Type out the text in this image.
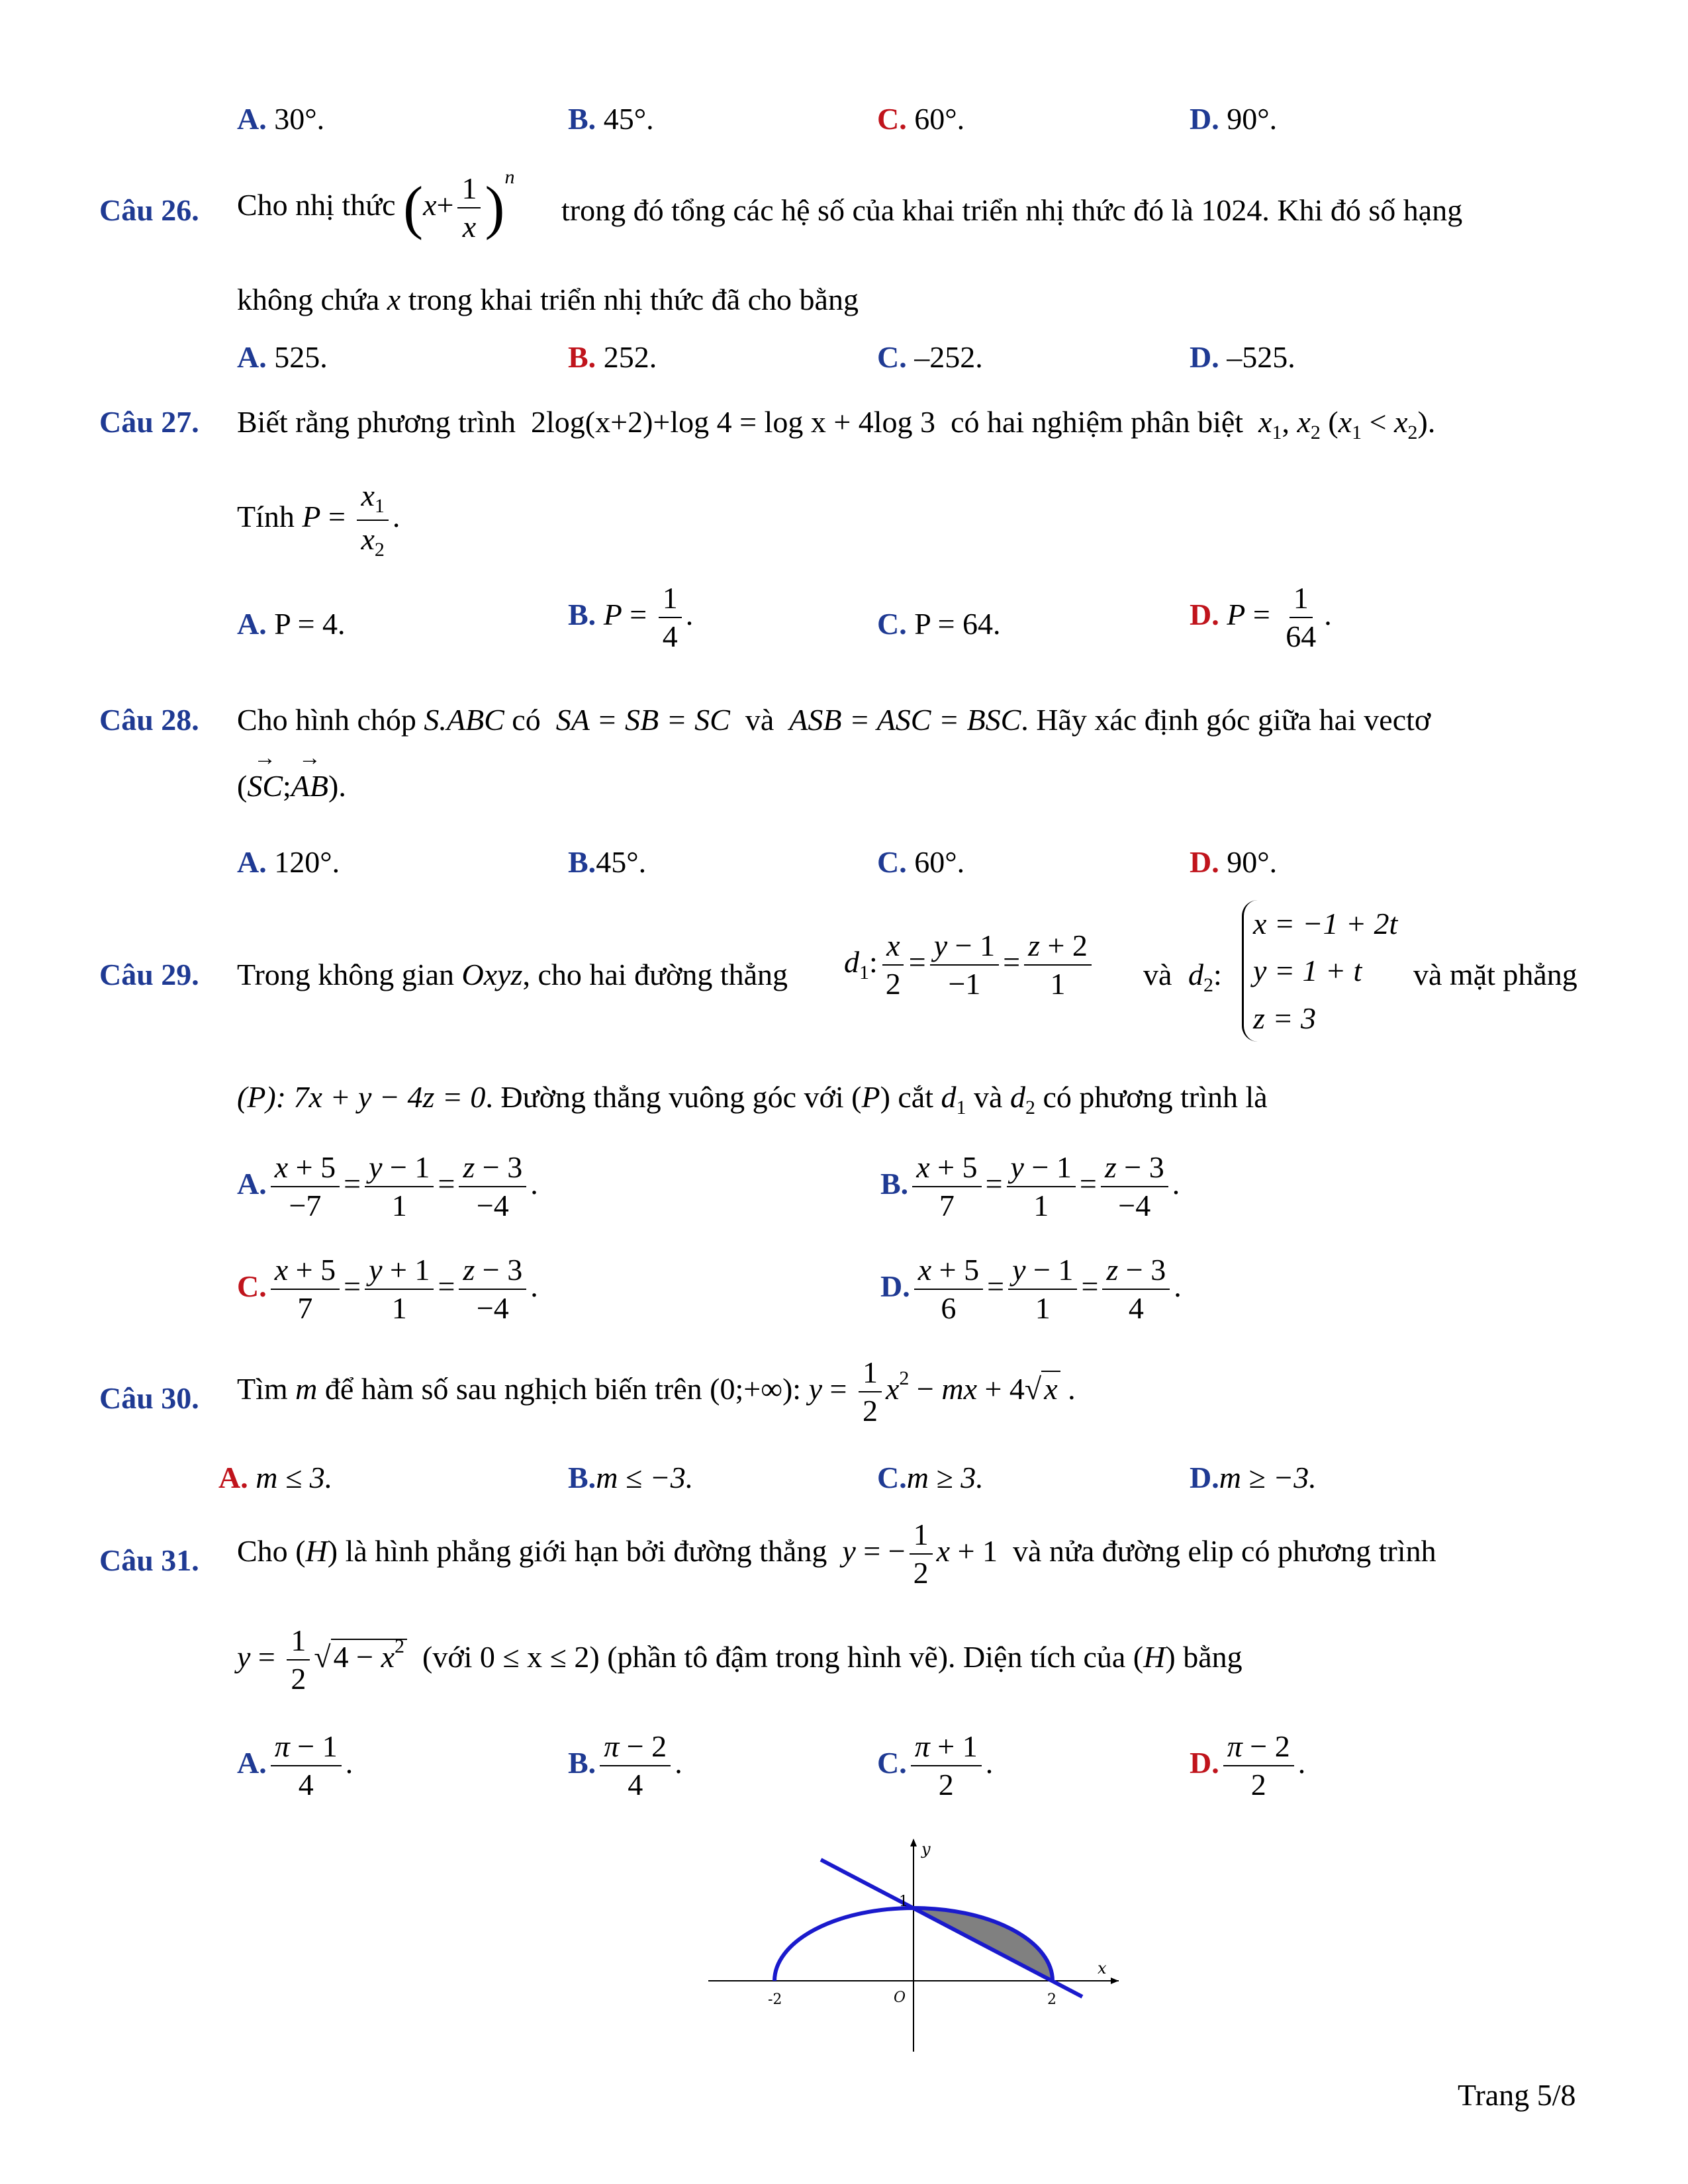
A. 30°.	B. 45°.	C. 60°.	D. 90°.
Câu 26. Cho nhị thức $(x+ \frac{1}{x} )^n$
trong đó tổng các hệ số của khai triển nhị thức đó là 1024. Khi đó số hạng
không chứa x trong khai triển nhị thức đã cho bằng
A. 525.	B. 252.	C. –252.	D. –525.
Câu 27. Biết rằng phương trình 2log(x+2)+log 4 = log x + 4log 3 có hai nghiệm phân biệt $x_1$, $x_2$ $(x_1 < x_2)$.
Tính $P = \frac{x_1}{x_2}$ .
A. P = 4.	B. $P = \frac{1}{4}$ .	C. P = 64.	D. $P = \frac{1}{64}$ .
Câu 28. Cho hình chóp S.ABC có SA = SB = SC và ASB = ASC = BSC. Hãy xác định góc giữa hai vectơ
(→ SC;→ AB).
A. 120°.	B.45°.	C. 60°.	D. 90°.
Câu 29. Trong không gian Oxyz, cho hai đường thẳng $d_1$: $\frac{x}{2} = \frac{y - 1}{-1} = \frac{z + 2}{1}$ và $d_2$:
x = −1 + 2t
y = 1 + t
z = 3
và mặt phẳng
(P): 7x + y − 4z = 0. Đường thẳng vuông góc với (P) cắt $d_1$ và $d_2$ có phương trình là
A. $\frac{x + 5}{-7} = \frac{y - 1}{1} = \frac{z - 3}{-4}$ .	B. $\frac{x + 5}{7} = \frac{y - 1}{1} = \frac{z - 3}{-4}$ .
C. $\frac{x + 5}{7} = \frac{y + 1}{1} = \frac{z - 3}{-4}$ .	D. $\frac{x + 5}{6} = \frac{y - 1}{1} = \frac{z - 3}{4}$ .
Câu 30. Tìm m để hàm số sau nghịch biến trên (0;+∞): $y = \frac{1}{2} x^2$ − mx + 4√x .
A. m ≤ 3.	B.m ≤ −3.	C.m ≥ 3.	D.m ≥ −3.
Câu 31. Cho (H) là hình phẳng giới hạn bởi đường thẳng y = − $\frac{1}{2}$ x + 1  và nửa đường elip có phương trình
$y = \frac{1}{2} √4 - x^2$ (với 0 ≤ x ≤ 2) (phần tô đậm trong hình vẽ). Diện tích của (H) bằng
A. $\frac{\pi - 1}{4}$ .	B. $\frac{\pi - 2}{4}$ .	C. $\frac{\pi + 1}{2}$ .	D. $\frac{\pi - 2}{2}$ .
1
y
x
O
-2	2
Trang 5/8
